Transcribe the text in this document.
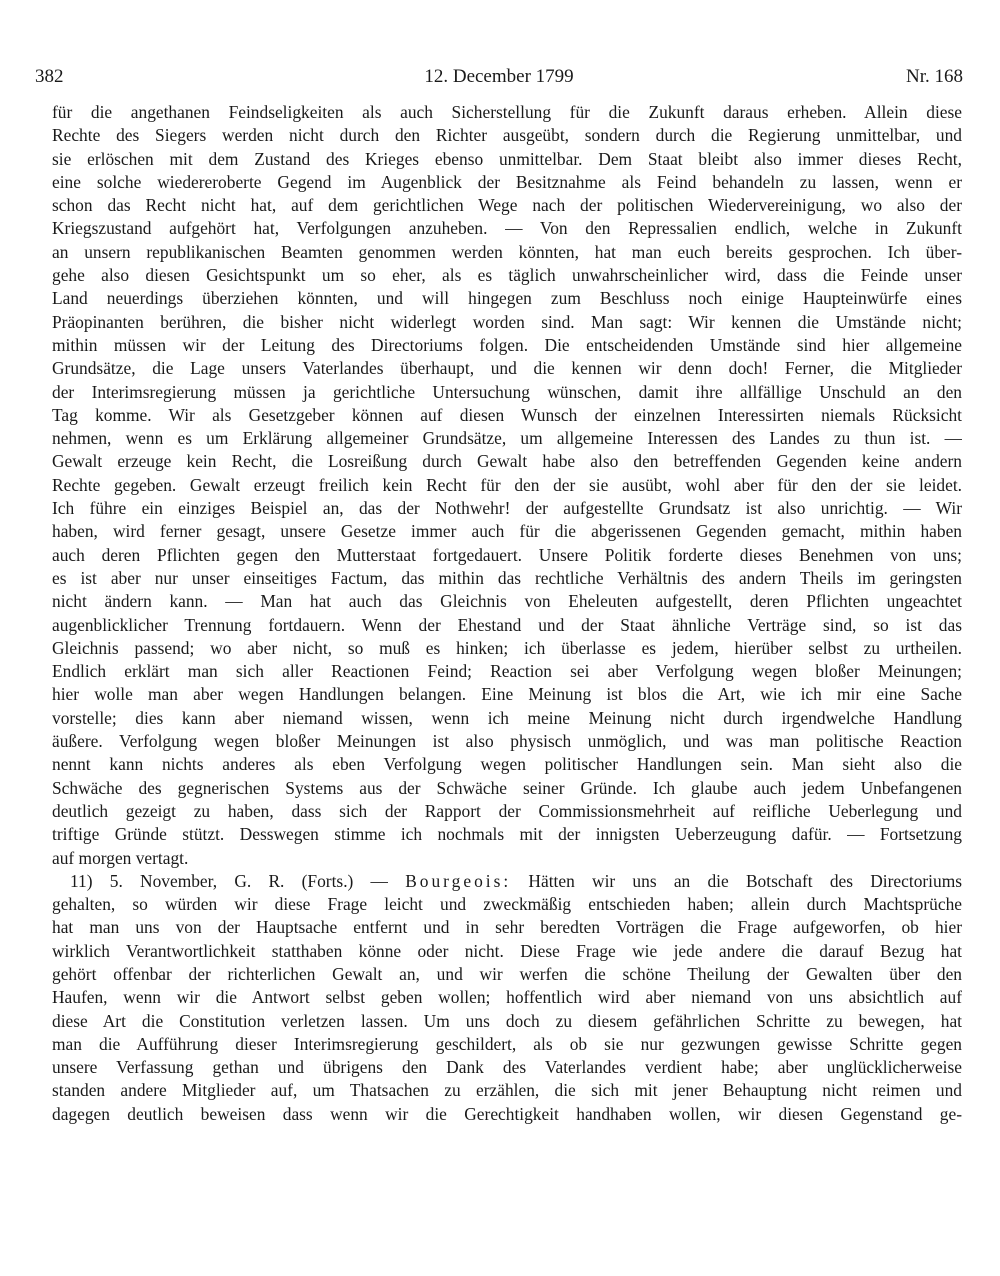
382	12. December 1799	Nr. 168
für die angethanen Feindseligkeiten als auch Sicherstellung für die Zukunft daraus erheben. Allein diese
Rechte des Siegers werden nicht durch den Richter ausgeübt, sondern durch die Regierung unmittelbar, und
sie erlöschen mit dem Zustand des Krieges ebenso unmittelbar. Dem Staat bleibt also immer dieses Recht,
eine solche wiedereroberte Gegend im Augenblick der Besitznahme als Feind behandeln zu lassen, wenn er
schon das Recht nicht hat, auf dem gerichtlichen Wege nach der politischen Wiedervereinigung, wo also der
Kriegszustand aufgehört hat, Verfolgungen anzuheben. — Von den Repressalien endlich, welche in Zukunft
an unsern republikanischen Beamten genommen werden könnten, hat man euch bereits gesprochen. Ich über-
gehe also diesen Gesichtspunkt um so eher, als es täglich unwahrscheinlicher wird, dass die Feinde unser
Land neuerdings überziehen könnten, und will hingegen zum Beschluss noch einige Haupteinwürfe eines
Präopinanten berühren, die bisher nicht widerlegt worden sind. Man sagt: Wir kennen die Umstände nicht;
mithin müssen wir der Leitung des Directoriums folgen. Die entscheidenden Umstände sind hier allgemeine
Grundsätze, die Lage unsers Vaterlandes überhaupt, und die kennen wir denn doch! Ferner, die Mitglieder
der Interimsregierung müssen ja gerichtliche Untersuchung wünschen, damit ihre allfällige Unschuld an den
Tag komme. Wir als Gesetzgeber können auf diesen Wunsch der einzelnen Interessirten niemals Rücksicht
nehmen, wenn es um Erklärung allgemeiner Grundsätze, um allgemeine Interessen des Landes zu thun ist. —
Gewalt erzeuge kein Recht, die Losreißung durch Gewalt habe also den betreffenden Gegenden keine andern
Rechte gegeben. Gewalt erzeugt freilich kein Recht für den der sie ausübt, wohl aber für den der sie leidet.
Ich führe ein einziges Beispiel an, das der Nothwehr! der aufgestellte Grundsatz ist also unrichtig. — Wir
haben, wird ferner gesagt, unsere Gesetze immer auch für die abgerissenen Gegenden gemacht, mithin haben
auch deren Pflichten gegen den Mutterstaat fortgedauert. Unsere Politik forderte dieses Benehmen von uns;
es ist aber nur unser einseitiges Factum, das mithin das rechtliche Verhältnis des andern Theils im geringsten
nicht ändern kann. — Man hat auch das Gleichnis von Eheleuten aufgestellt, deren Pflichten ungeachtet
augenblicklicher Trennung fortdauern. Wenn der Ehestand und der Staat ähnliche Verträge sind, so ist das
Gleichnis passend; wo aber nicht, so muß es hinken; ich überlasse es jedem, hierüber selbst zu urtheilen.
Endlich erklärt man sich aller Reactionen Feind; Reaction sei aber Verfolgung wegen bloßer Meinungen;
hier wolle man aber wegen Handlungen belangen. Eine Meinung ist blos die Art, wie ich mir eine Sache
vorstelle; dies kann aber niemand wissen, wenn ich meine Meinung nicht durch irgendwelche Handlung
äußere. Verfolgung wegen bloßer Meinungen ist also physisch unmöglich, und was man politische Reaction
nennt kann nichts anderes als eben Verfolgung wegen politischer Handlungen sein. Man sieht also die
Schwäche des gegnerischen Systems aus der Schwäche seiner Gründe. Ich glaube auch jedem Unbefangenen
deutlich gezeigt zu haben, dass sich der Rapport der Commissionsmehrheit auf reifliche Ueberlegung und
triftige Gründe stützt. Desswegen stimme ich nochmals mit der innigsten Ueberzeugung dafür. — Fortsetzung
auf morgen vertagt.
11) 5. November, G. R. (Forts.) — Bourgeois: Hätten wir uns an die Botschaft des Directoriums
gehalten, so würden wir diese Frage leicht und zweckmäßig entschieden haben; allein durch Machtsprüche
hat man uns von der Hauptsache entfernt und in sehr beredten Vorträgen die Frage aufgeworfen, ob hier
wirklich Verantwortlichkeit statthaben könne oder nicht. Diese Frage wie jede andere die darauf Bezug hat
gehört offenbar der richterlichen Gewalt an, und wir werfen die schöne Theilung der Gewalten über den
Haufen, wenn wir die Antwort selbst geben wollen; hoffentlich wird aber niemand von uns absichtlich auf
diese Art die Constitution verletzen lassen. Um uns doch zu diesem gefährlichen Schritte zu bewegen, hat
man die Aufführung dieser Interimsregierung geschildert, als ob sie nur gezwungen gewisse Schritte gegen
unsere Verfassung gethan und übrigens den Dank des Vaterlandes verdient habe; aber unglücklicherweise
standen andere Mitglieder auf, um Thatsachen zu erzählen, die sich mit jener Behauptung nicht reimen und
dagegen deutlich beweisen dass wenn wir die Gerechtigkeit handhaben wollen, wir diesen Gegenstand ge-
